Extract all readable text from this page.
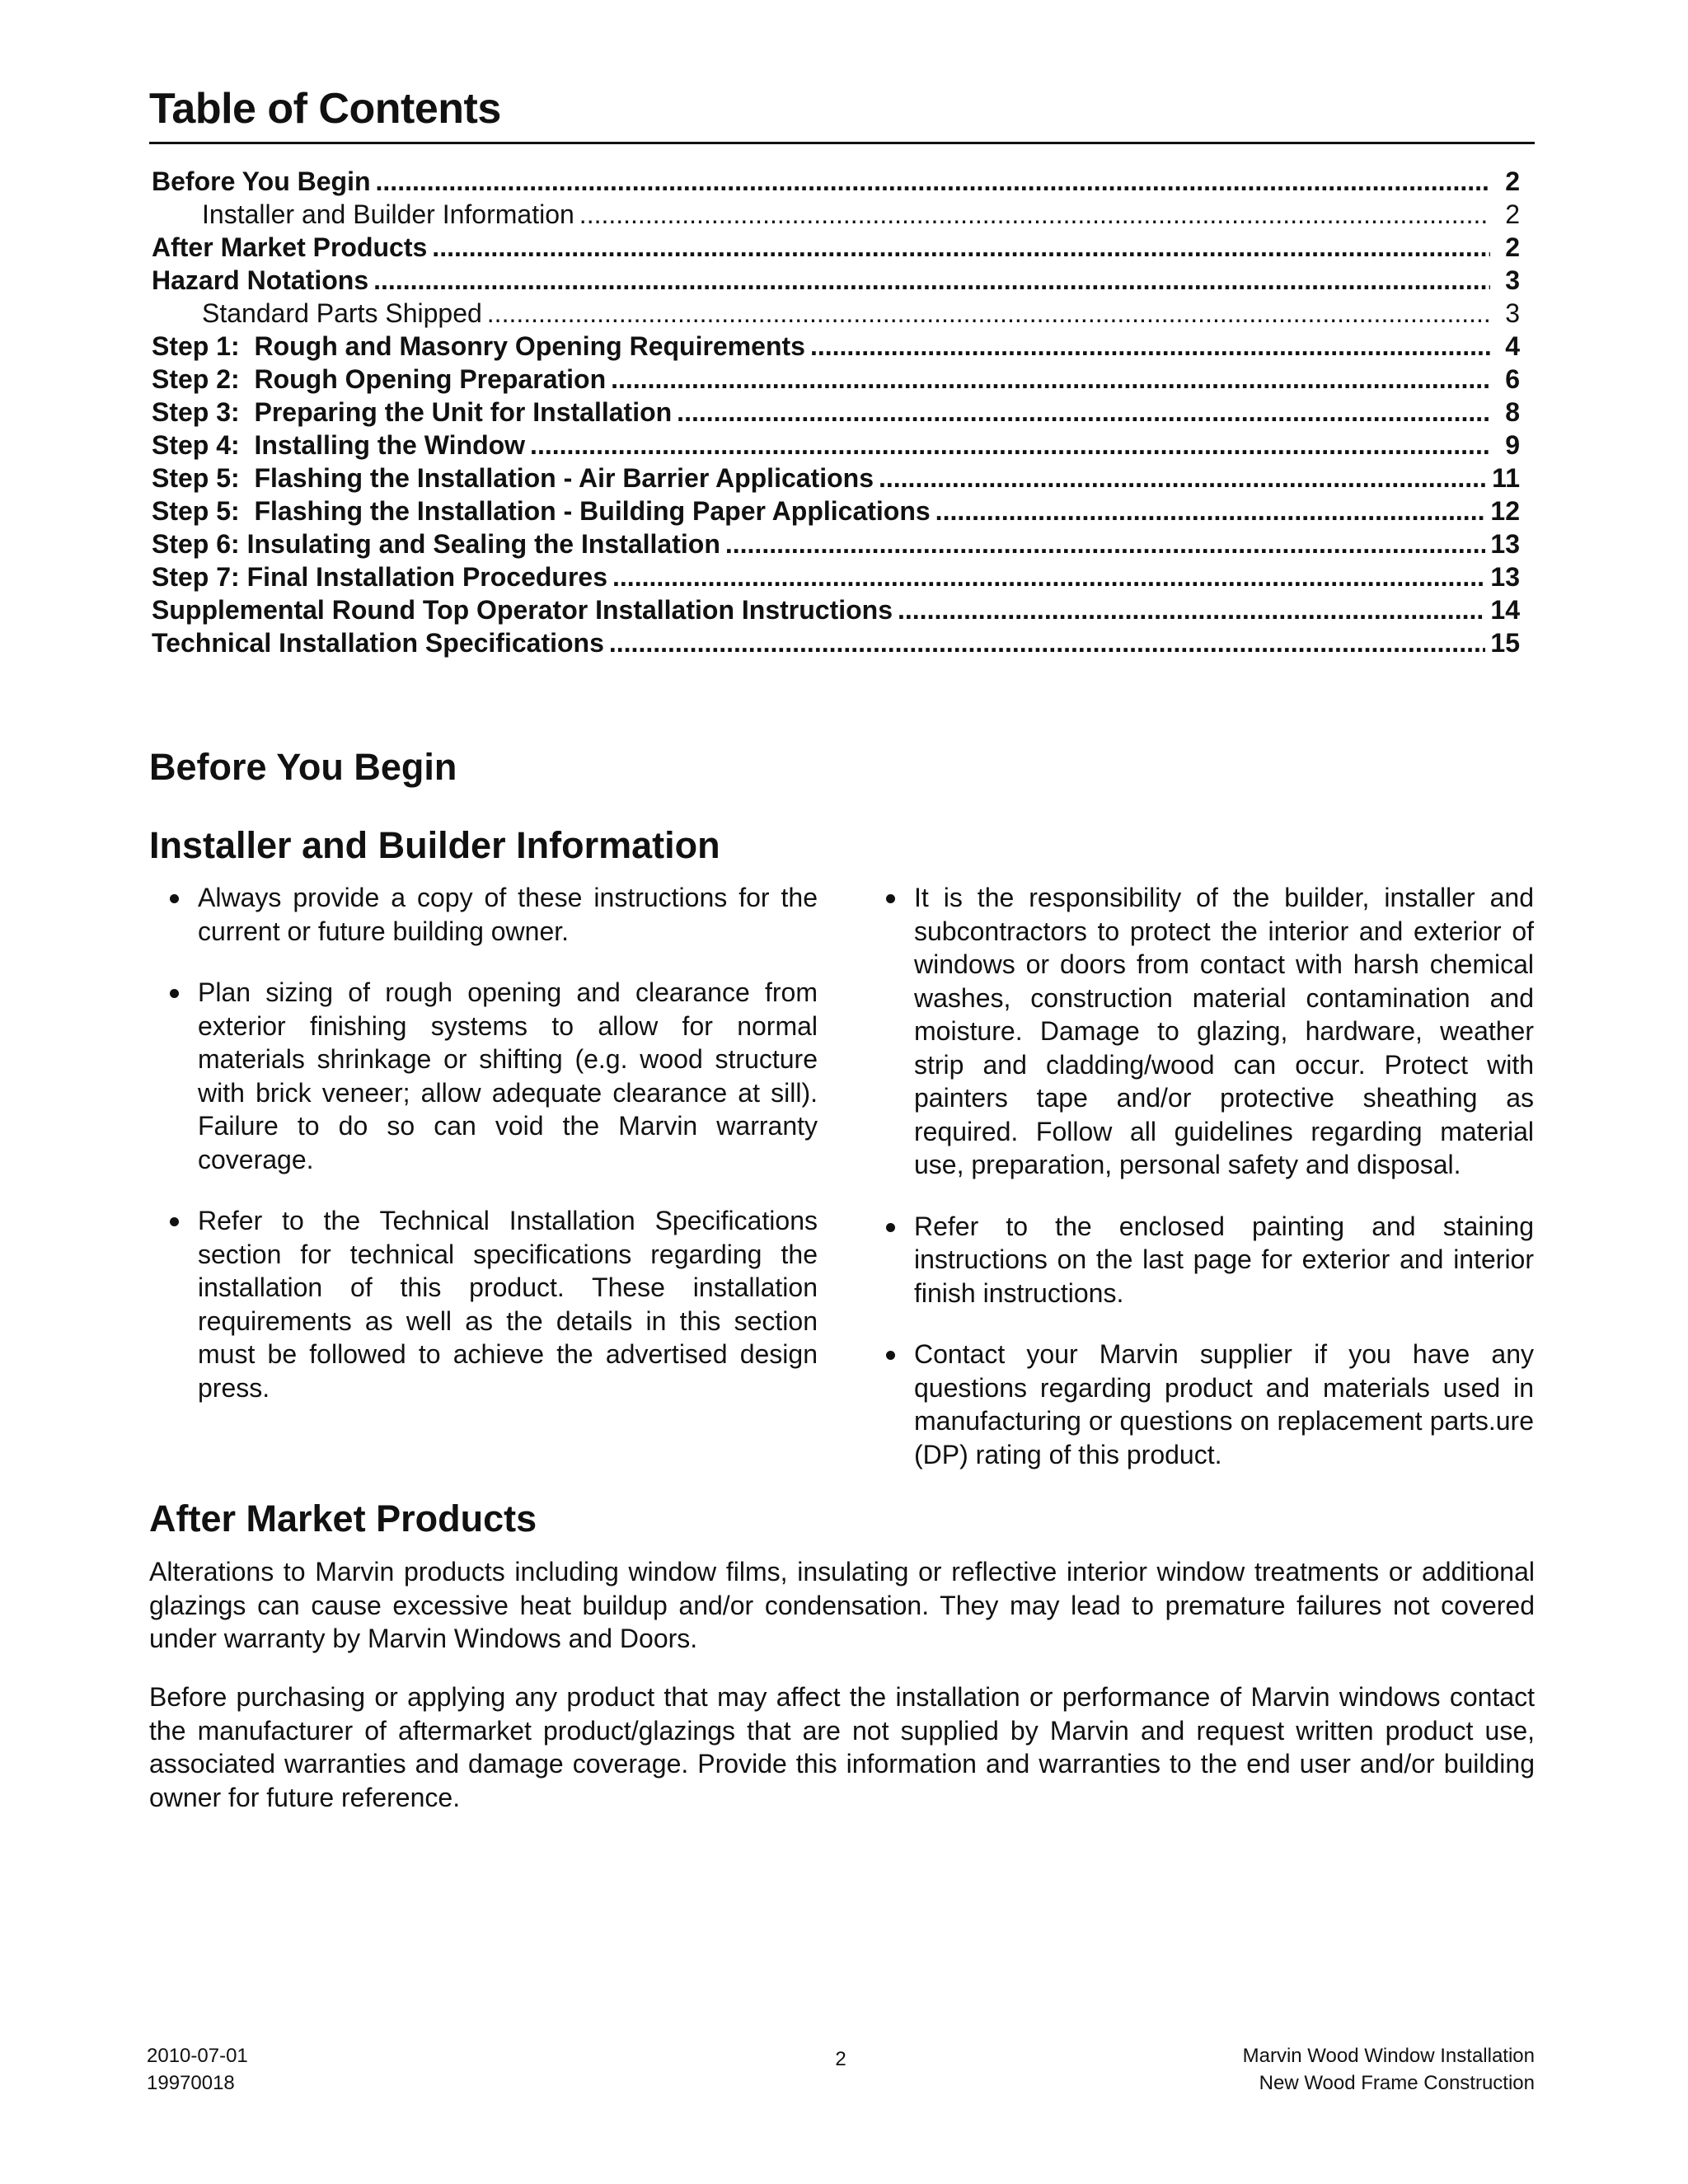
Table of Contents
Before You Begin .....	2
Installer and Builder Information .....	2
After Market Products .....	2
Hazard Notations .....	3
Standard Parts Shipped .....	3
Step 1:  Rough and Masonry Opening Requirements .....	4
Step 2:  Rough Opening Preparation .....	6
Step 3:  Preparing the Unit for Installation .....	8
Step 4:  Installing the Window .....	9
Step 5:  Flashing the Installation - Air Barrier Applications .....	11
Step 5:  Flashing the Installation - Building Paper Applications .....	12
Step 6: Insulating and Sealing the Installation .....	13
Step 7: Final Installation Procedures .....	13
Supplemental Round Top Operator Installation Instructions .....	14
Technical Installation Specifications .....	15
Before You Begin
Installer and Builder Information
Always provide a copy of these instructions for the current or future building owner.
Plan sizing of rough opening and clearance from exterior finishing systems to allow for normal materials shrinkage or shifting (e.g. wood structure with brick veneer; allow adequate clearance at sill). Failure to do so can void the Marvin warranty coverage.
Refer to the Technical Installation Specifications section for technical specifications regarding the installation of this product. These installation requirements as well as the details in this section must be followed to achieve the advertised design press.
It is the responsibility of the builder, installer and subcontractors to protect the interior and exterior of windows or doors from contact with harsh chemical washes, construction material contamination and moisture. Damage to glazing, hardware, weather strip and cladding/wood can occur. Protect with painters tape and/or protective sheathing as required. Follow all guidelines regarding material use, preparation, personal safety and disposal.
Refer to the enclosed painting and staining instructions on the last page for exterior and interior finish instructions.
Contact your Marvin supplier if you have any questions regarding product and materials used in manufacturing or questions on replacement parts.ure (DP) rating of this product.
After Market Products

Alterations to Marvin products including window films, insulating or reflective interior window treatments or additional glazings can cause excessive heat buildup and/or condensation. They may lead to premature failures not covered under warranty by Marvin Windows and Doors.

Before purchasing or applying any product that may affect the installation or performance of Marvin windows contact the manufacturer of aftermarket product/glazings that are not supplied by Marvin and request written product use, associated warranties and damage coverage. Provide this information and warranties to the end user and/or building owner for future reference.

2010-07-01
19970018
2	Marvin Wood Window Installation
New Wood Frame Construction
